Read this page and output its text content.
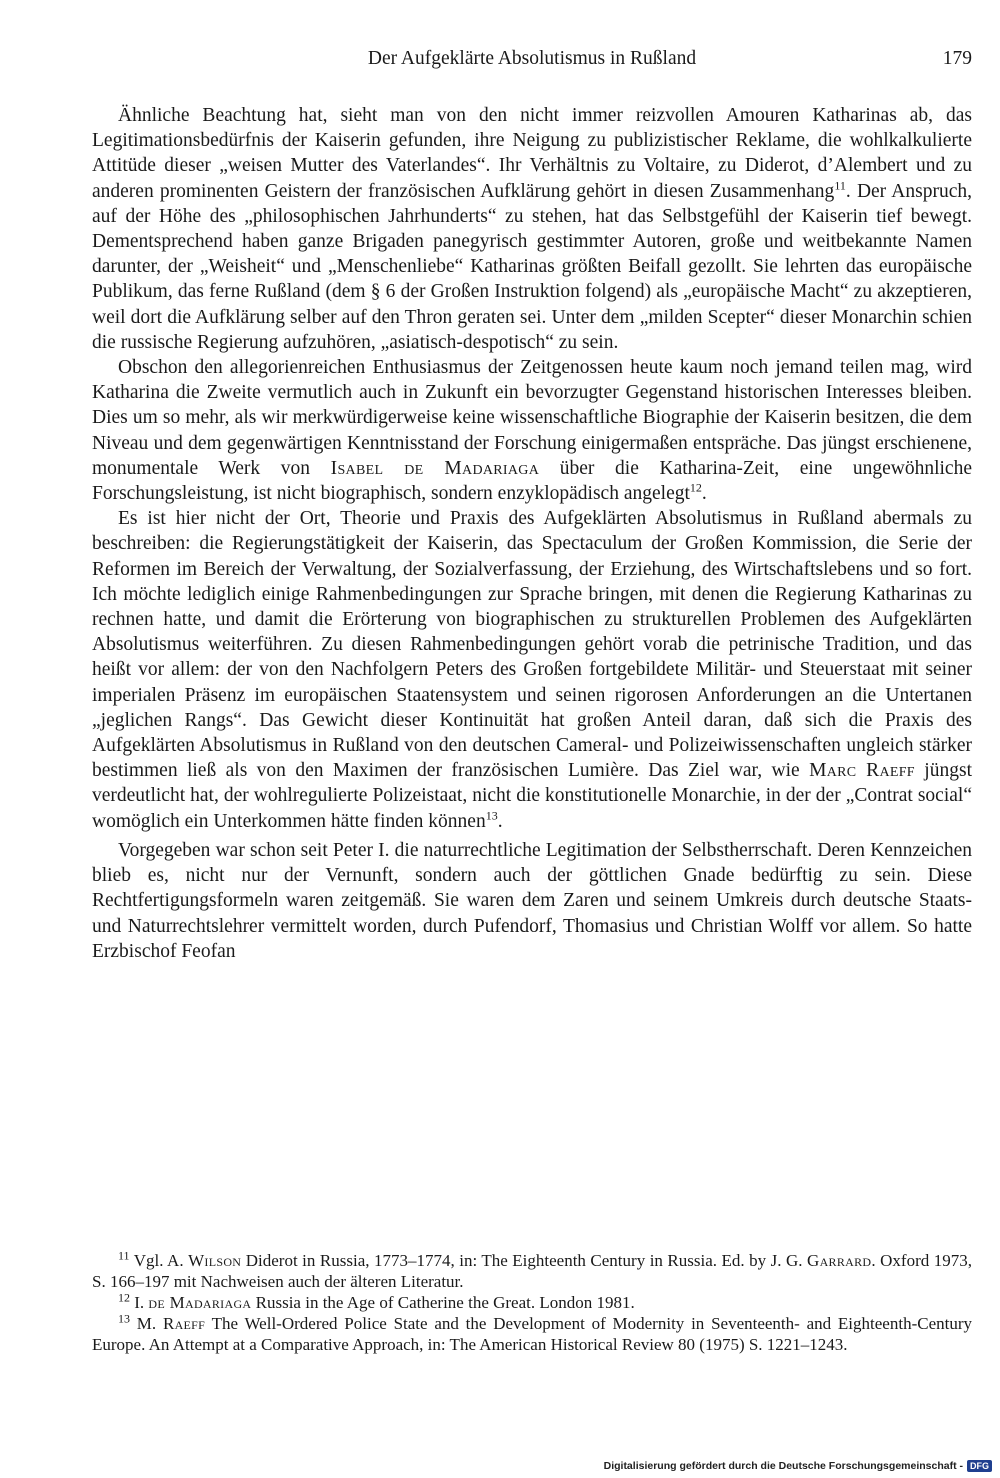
Der Aufgeklärte Absolutismus in Rußland	179

Ähnliche Beachtung hat, sieht man von den nicht immer reizvollen Amouren Katharinas ab, das Legitimationsbedürfnis der Kaiserin gefunden, ihre Neigung zu publizistischer Reklame, die wohlkalkulierte Attitüde dieser „weisen Mutter des Vaterlandes“. Ihr Verhältnis zu Voltaire, zu Diderot, d’Alembert und zu anderen prominenten Geistern der französischen Aufklärung gehört in diesen Zusammenhang$^{11}$. Der Anspruch, auf der Höhe des „philosophischen Jahrhunderts“ zu stehen, hat das Selbstgefühl der Kaiserin tief bewegt. Dementsprechend haben ganze Brigaden panegyrisch gestimmter Autoren, große und weitbekannte Namen darunter, der „Weisheit“ und „Menschenliebe“ Katharinas größten Beifall gezollt. Sie lehrten das europäische Publikum, das ferne Rußland (dem § 6 der Großen Instruktion folgend) als „europäische Macht“ zu akzeptieren, weil dort die Aufklärung selber auf den Thron geraten sei. Unter dem „milden Scepter“ dieser Monarchin schien die russische Regierung aufzuhören, „asiatisch-despotisch“ zu sein.

Obschon den allegorienreichen Enthusiasmus der Zeitgenossen heute kaum noch jemand teilen mag, wird Katharina die Zweite vermutlich auch in Zukunft ein bevorzugter Gegenstand historischen Interesses bleiben. Dies um so mehr, als wir merkwürdigerweise keine wissenschaftliche Biographie der Kaiserin besitzen, die dem Niveau und dem gegenwärtigen Kenntnisstand der Forschung einigermaßen entspräche. Das jüngst erschienene, monumentale Werk von Isabel de Madariaga über die Katharina-Zeit, eine ungewöhnliche Forschungsleistung, ist nicht biographisch, sondern enzyklopädisch angelegt$^{12}$.

Es ist hier nicht der Ort, Theorie und Praxis des Aufgeklärten Absolutismus in Rußland abermals zu beschreiben: die Regierungstätigkeit der Kaiserin, das Spectaculum der Großen Kommission, die Serie der Reformen im Bereich der Verwaltung, der Sozialverfassung, der Erziehung, des Wirtschaftslebens und so fort. Ich möchte lediglich einige Rahmenbedingungen zur Sprache bringen, mit denen die Regierung Katharinas zu rechnen hatte, und damit die Erörterung von biographischen zu strukturellen Problemen des Aufgeklärten Absolutismus weiterführen. Zu diesen Rahmenbedingungen gehört vorab die petrinische Tradition, und das heißt vor allem: der von den Nachfolgern Peters des Großen fortgebildete Militär- und Steuerstaat mit seiner imperialen Präsenz im europäischen Staatensystem und seinen rigorosen Anforderungen an die Untertanen „jeglichen Rangs“. Das Gewicht dieser Kontinuität hat großen Anteil daran, daß sich die Praxis des Aufgeklärten Absolutismus in Rußland von den deutschen Cameral- und Polizeiwissenschaften ungleich stärker bestimmen ließ als von den Maximen der französischen Lumière. Das Ziel war, wie Marc Raeff jüngst verdeutlicht hat, der wohlregulierte Polizeistaat, nicht die konstitutionelle Monarchie, in der der „Contrat social“ womöglich ein Unterkommen hätte finden können$^{13}$.

Vorgegeben war schon seit Peter I. die naturrechtliche Legitimation der Selbstherrschaft. Deren Kennzeichen blieb es, nicht nur der Vernunft, sondern auch der göttlichen Gnade bedürftig zu sein. Diese Rechtfertigungsformeln waren zeitgemäß. Sie waren dem Zaren und seinem Umkreis durch deutsche Staats- und Naturrechtslehrer vermittelt worden, durch Pufendorf, Thomasius und Christian Wolff vor allem. So hatte Erzbischof Feofan

$^{11}$ Vgl. A. Wilson Diderot in Russia, 1773–1774, in: The Eighteenth Century in Russia. Ed. by J. G. Garrard. Oxford 1973, S. 166–197 mit Nachweisen auch der älteren Literatur.

$^{12}$ I. de Madariaga Russia in the Age of Catherine the Great. London 1981.

$^{13}$ M. Raeff The Well-Ordered Police State and the Development of Modernity in Seventeenth- and Eighteenth-Century Europe. An Attempt at a Comparative Approach, in: The American Historical Review 80 (1975) S. 1221–1243.

Digitalisierung gefördert durch die Deutsche Forschungsgemeinschaft - DFG
